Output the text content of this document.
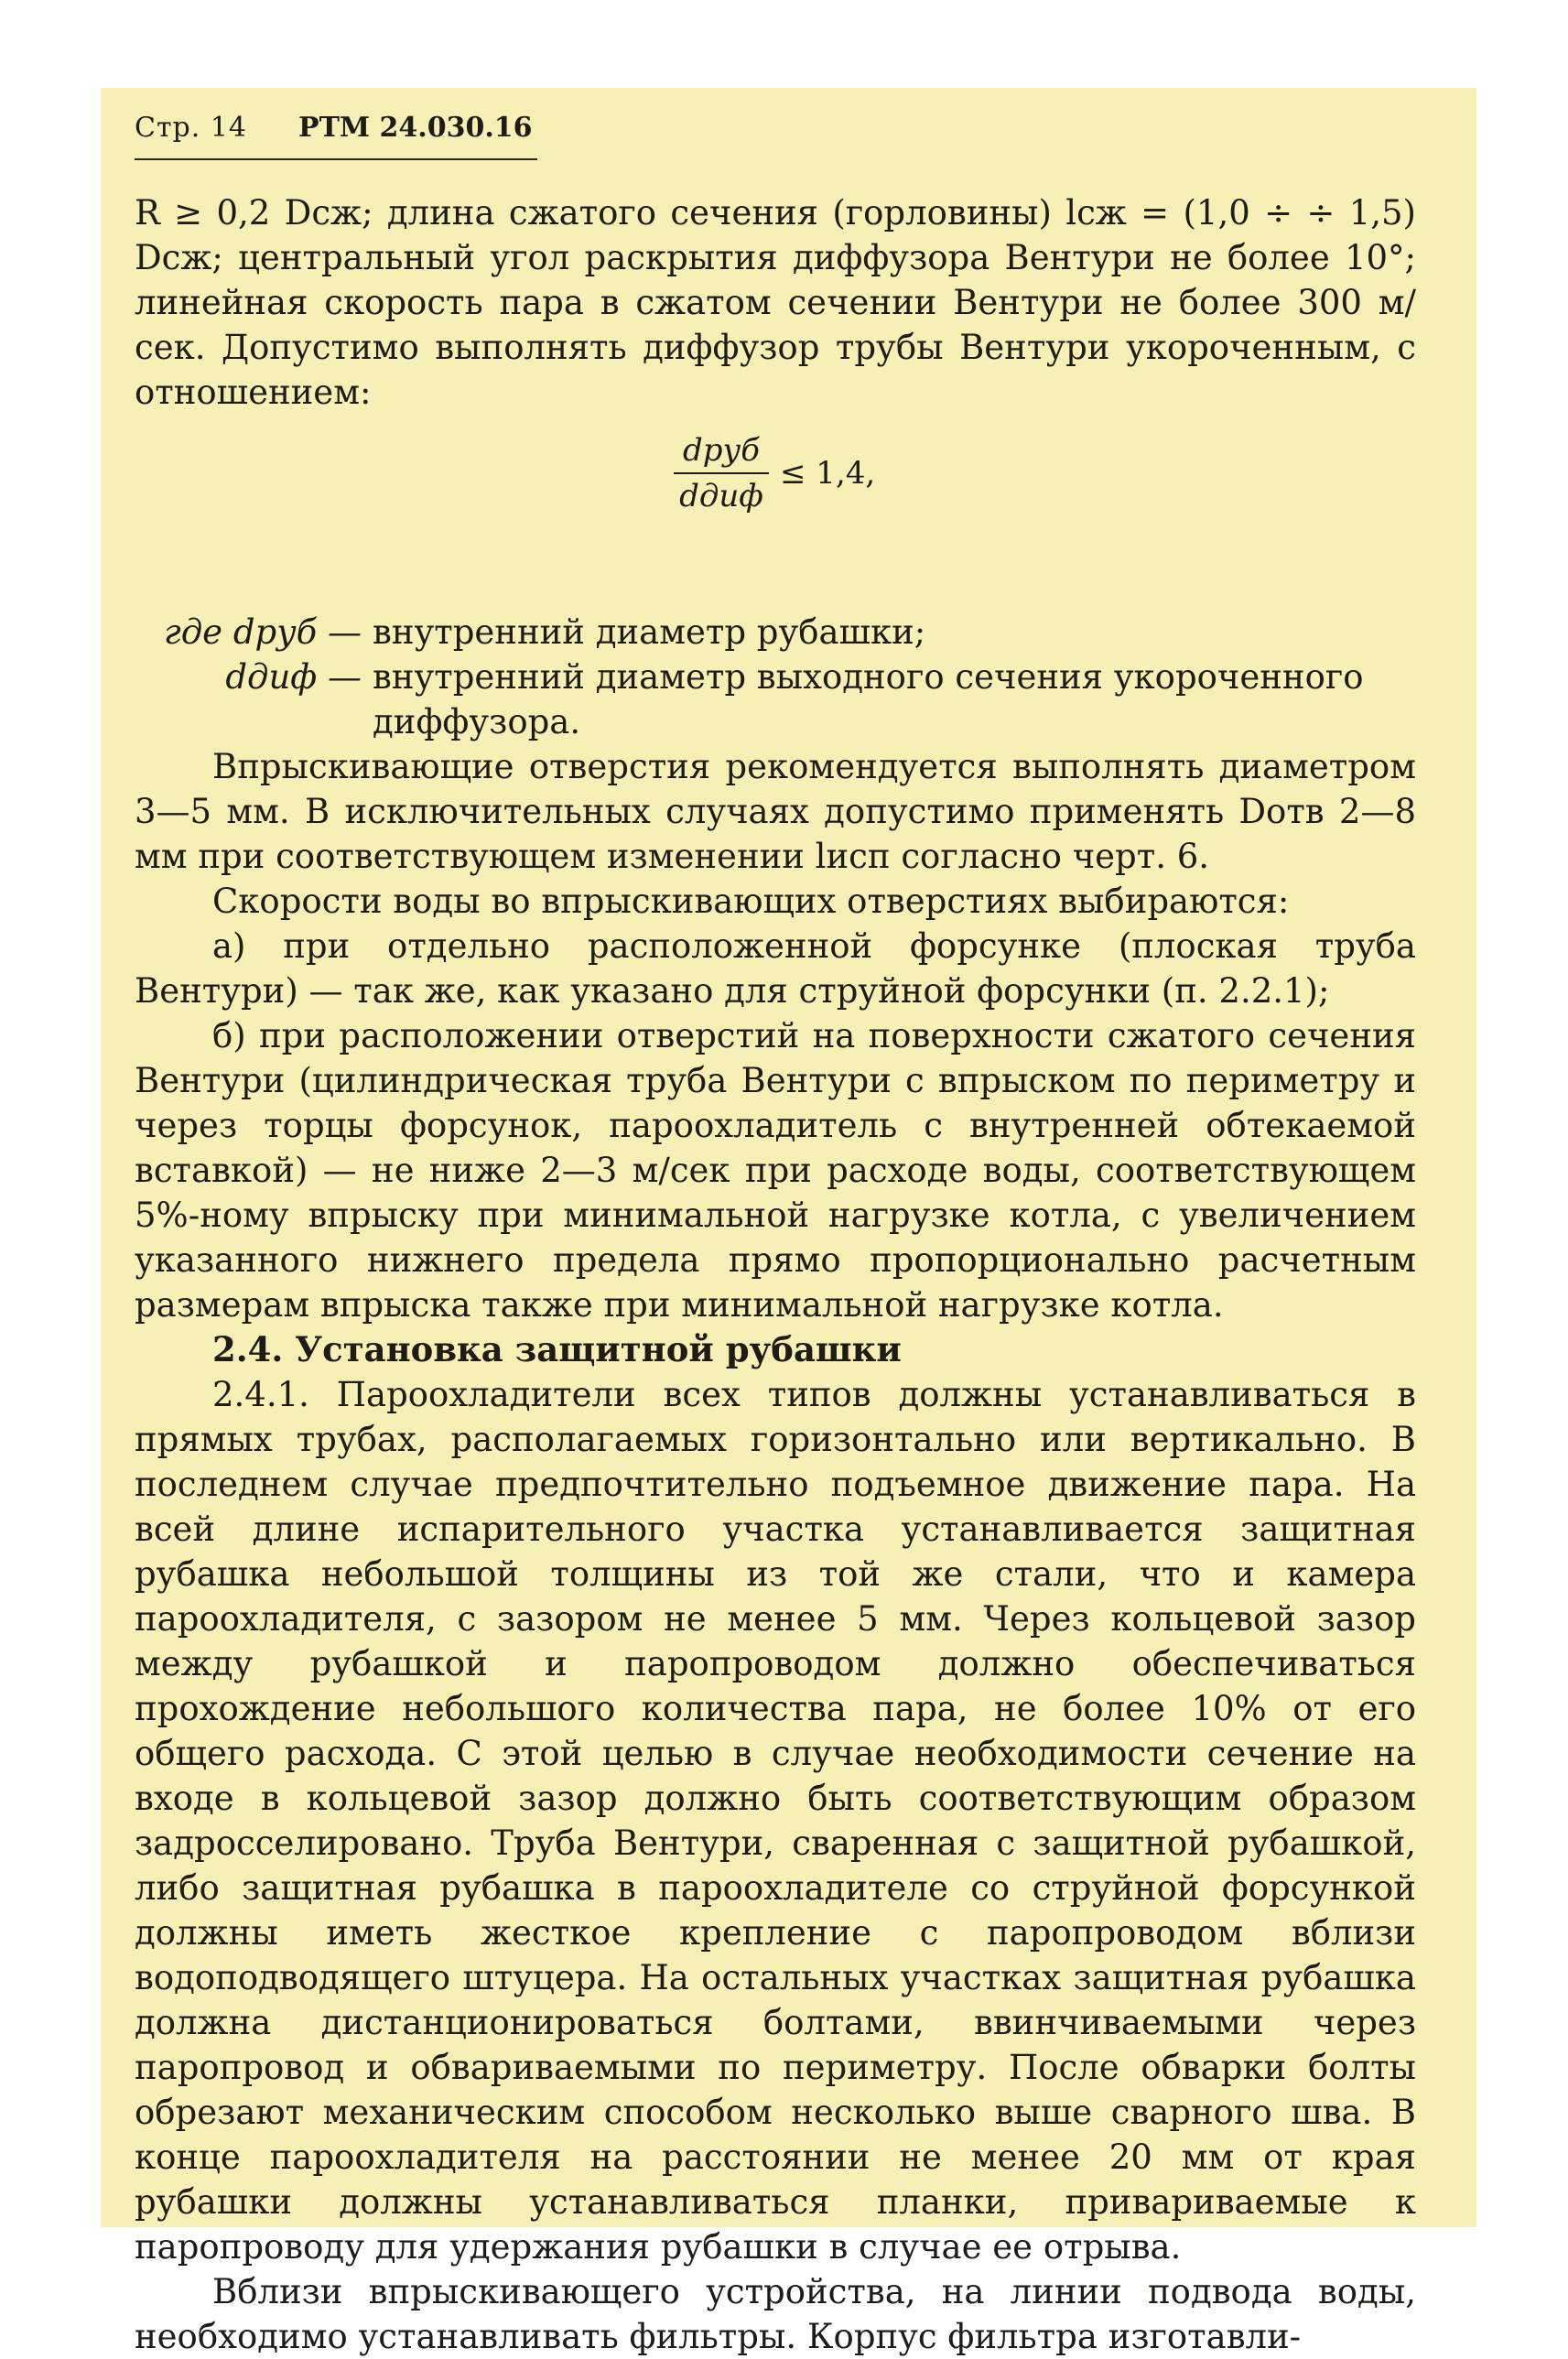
Стр. 14 РТМ 24.030.16

R ≥ 0,2 Dсж; длина сжатого сечения (горловины) lсж = (1,0 ÷ ÷ 1,5) Dсж; центральный угол раскрытия диффузора Вентури не более 10°; линейная скорость пара в сжатом сечении Вентури не более 300 м/сек. Допустимо выполнять диффузор трубы Вентури укороченным, с отношением:

$\frac{\text{dруб}}{\text{dдиф}} \le 1,4$,
где dруб — внутренний диаметр рубашки;
dдиф — внутренний диаметр выходного сечения укороченного
диффузора.

Впрыскивающие отверстия рекомендуется выполнять диаметром 3—5 мм. В исключительных случаях допустимо применять Dотв 2—8 мм при соответствующем изменении lисп согласно черт. 6.

Скорости воды во впрыскивающих отверстиях выбираются:

а) при отдельно расположенной форсунке (плоская труба Вентури) — так же, как указано для струйной форсунки (п. 2.2.1);

б) при расположении отверстий на поверхности сжатого сечения Вентури (цилиндрическая труба Вентури с впрыском по периметру и через торцы форсунок, пароохладитель с внутренней обтекаемой вставкой) — не ниже 2—3 м/сек при расходе воды, соответствующем 5%-ному впрыску при минимальной нагрузке котла, с увеличением указанного нижнего предела прямо пропорционально расчетным размерам впрыска также при минимальной нагрузке котла.

2.4. Установка защитной рубашки

2.4.1. Пароохладители всех типов должны устанавливаться в прямых трубах, располагаемых горизонтально или вертикально. В последнем случае предпочтительно подъемное движение пара. На всей длине испарительного участка устанавливается защитная рубашка небольшой толщины из той же стали, что и камера пароохладителя, с зазором не менее 5 мм. Через кольцевой зазор между рубашкой и паропроводом должно обеспечиваться прохождение небольшого количества пара, не более 10% от его общего расхода. С этой целью в случае необходимости сечение на входе в кольцевой зазор должно быть соответствующим образом задросселировано. Труба Вентури, сваренная с защитной рубашкой, либо защитная рубашка в пароохладителе со струйной форсункой должны иметь жесткое крепление с паропроводом вблизи водоподводящего штуцера. На остальных участках защитная рубашка должна дистанционироваться болтами, ввинчиваемыми через паропровод и обвариваемыми по периметру. После обварки болты обрезают механическим способом несколько выше сварного шва. В конце пароохладителя на расстоянии не менее 20 мм от края рубашки должны устанавливаться планки, привариваемые к паропроводу для удержания рубашки в случае ее отрыва.

Вблизи впрыскивающего устройства, на линии подвода воды, необходимо устанавливать фильтры. Корпус фильтра изготавли-
